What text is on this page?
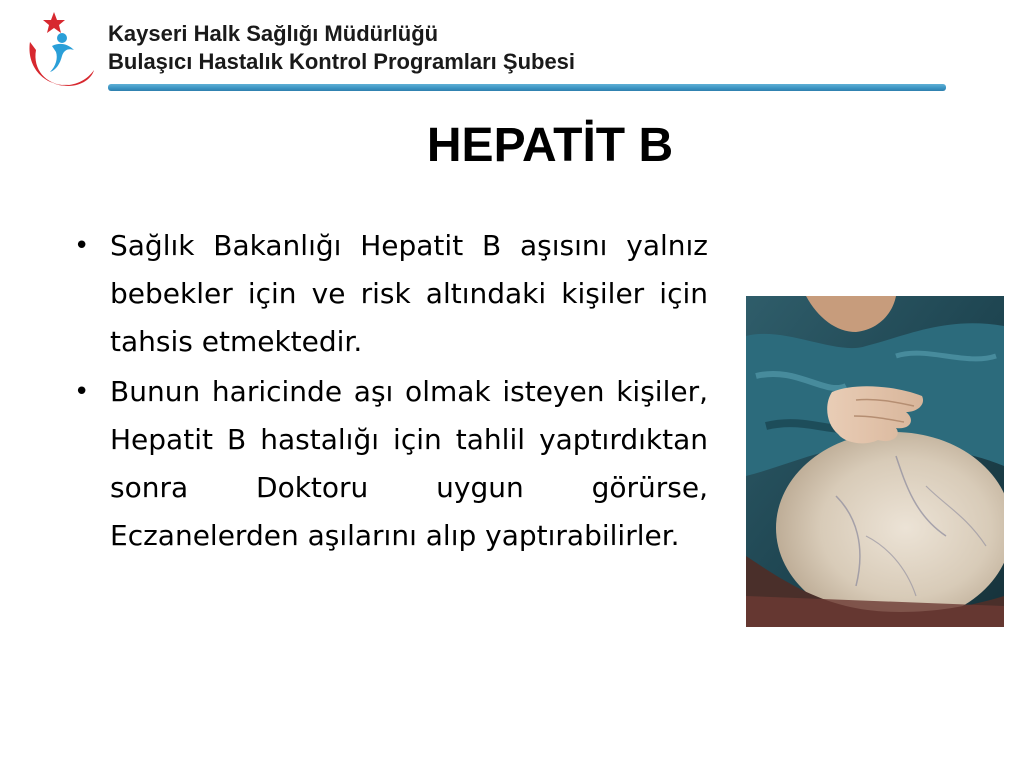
Kayseri Halk Sağlığı Müdürlüğü
Bulaşıcı Hastalık Kontrol Programları Şubesi
HEPATİT B
• Sağlık Bakanlığı Hepatit B aşısını yalnız bebekler için ve risk altındaki kişiler için tahsis etmektedir.
• Bunun haricinde aşı olmak isteyen kişiler, Hepatit B hastalığı için tahlil yaptırdıktan sonra Doktoru uygun görürse, Eczanelerden aşılarını alıp yaptırabilirler.
